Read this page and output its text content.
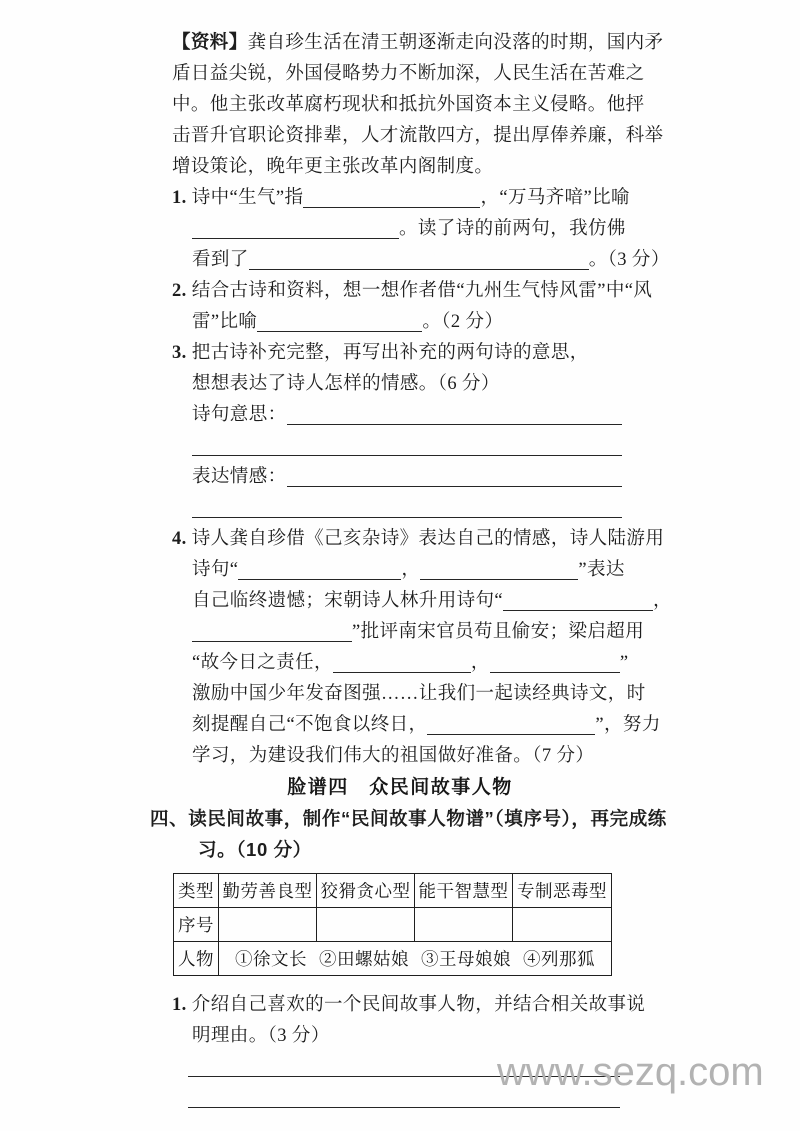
【资料】龚自珍生活在清王朝逐渐走向没落的时期，国内矛
盾日益尖锐，外国侵略势力不断加深，人民生活在苦难之
中。他主张改革腐朽现状和抵抗外国资本主义侵略。他抨
击晋升官职论资排辈，人才流散四方，提出厚俸养廉，科举
增设策论，晚年更主张改革内阁制度。
1. 诗中“生气”指	，“万马齐喑”比喻
。读了诗的前两句，我仿佛
看到了	。（3 分）
2. 结合古诗和资料，想一想作者借“九州生气恃风雷”中“风
雷”比喻	。（2 分）
3. 把古诗补充完整，再写出补充的两句诗的意思，
想想表达了诗人怎样的情感。（6 分）
诗句意思：
表达情感：
4. 诗人龚自珍借《己亥杂诗》表达自己的情感，诗人陆游用
诗句“	，	”表达
自己临终遗憾；宋朝诗人林升用诗句“	，
”批评南宋官员苟且偷安；梁启超用
“故今日之责任，	，	”
激励中国少年发奋图强……让我们一起读经典诗文，时
刻提醒自己“不饱食以终日，	”，努力
学习，为建设我们伟大的祖国做好准备。（7 分）
脸谱四　众民间故事人物
四、读民间故事，制作“民间故事人物谱”（填序号），再完成练
习。（10 分）
类型	勤劳善良型	狡猾贪心型	能干智慧型	专制恶毒型
序号				
人物	①徐文长 ②田螺姑娘 ③王母娘娘 ④列那狐			
1. 介绍自己喜欢的一个民间故事人物，并结合相关故事说
明理由。（3 分）
www.sezq.com
